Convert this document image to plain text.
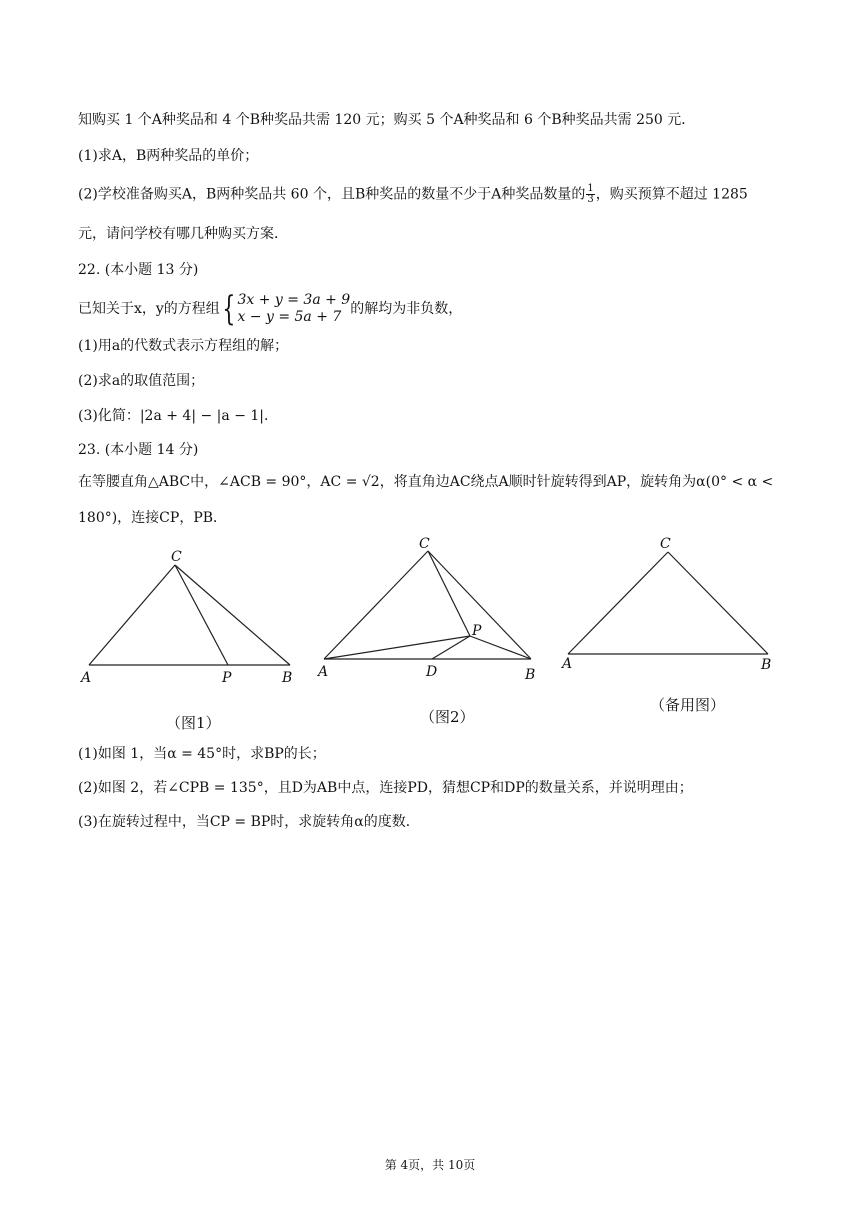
知购买 1 个A种奖品和 4 个B种奖品共需 120 元；购买 5 个A种奖品和 6 个B种奖品共需 250 元．
(1)求A，B两种奖品的单价；
(2)学校准备购买A，B两种奖品共 60 个，且B种奖品的数量不少于A种奖品数量的 $\frac{1}{3}$ ，购买预算不超过 1285
元，请问学校有哪几种购买方案．
22. (本小题 13 分)
已知关于x，y的方程组 { 3x + y = 3a + 9
x − y = 5a + 7 的解均为非负数，
(1)用a的代数式表示方程组的解；
(2)求a的取值范围；
(3)化简：|2a + 4| − |a − 1|．
23. (本小题 14 分)
在等腰直角△ABC中，∠ACB = 90°，AC = √2，将直角边AC绕点A顺时针旋转得到AP，旋转角为α(0° < α <
180°)，连接CP，PB．
C
A	P	B
（图1）
C
P
A	D	B
（图2）
C
A	B
（备用图）
(1)如图 1，当α = 45°时，求BP的长；
(2)如图 2，若∠CPB = 135°，且D为AB中点，连接PD，猜想CP和DP的数量关系，并说明理由；
(3)在旋转过程中，当CP = BP时，求旋转角α的度数．
第 4页，共 10页
